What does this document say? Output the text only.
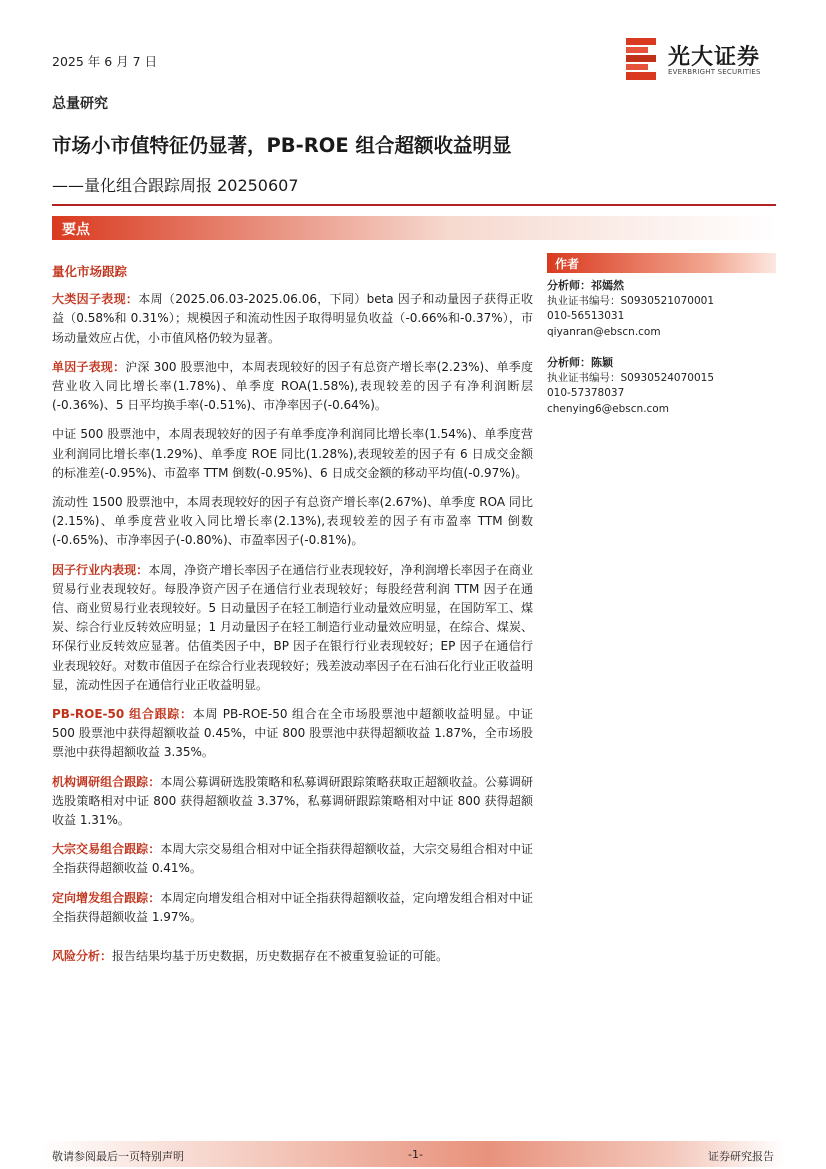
2025 年 6 月 7 日	光大证券
EVERBRIGHT SECURITIES
总量研究
市场小市值特征仍显著，PB-ROE 组合超额收益明显
——量化组合跟踪周报 20250607
要点
量化市场跟踪

大类因子表现：本周（2025.06.03-2025.06.06，下同）beta 因子和动量因子获得正收益（0.58%和 0.31%）；规模因子和流动性因子取得明显负收益（-0.66%和-0.37%），市场动量效应占优，小市值风格仍较为显著。

单因子表现：沪深 300 股票池中，本周表现较好的因子有总资产增长率(2.23%)、单季度营业收入同比增长率(1.78%)、单季度 ROA(1.58%),表现较差的因子有净利润断层(-0.36%)、5 日平均换手率(-0.51%)、市净率因子(-0.64%)。

中证 500 股票池中，本周表现较好的因子有单季度净利润同比增长率(1.54%)、单季度营业利润同比增长率(1.29%)、单季度 ROE 同比(1.28%),表现较差的因子有 6 日成交金额的标准差(-0.95%)、市盈率 TTM 倒数(-0.95%)、6 日成交金额的移动平均值(-0.97%)。

流动性 1500 股票池中，本周表现较好的因子有总资产增长率(2.67%)、单季度 ROA 同比(2.15%)、单季度营业收入同比增长率(2.13%),表现较差的因子有市盈率 TTM 倒数(-0.65%)、市净率因子(-0.80%)、市盈率因子(-0.81%)。

因子行业内表现：本周，净资产增长率因子在通信行业表现较好，净利润增长率因子在商业贸易行业表现较好。每股净资产因子在通信行业表现较好；每股经营利润 TTM 因子在通信、商业贸易行业表现较好。5 日动量因子在轻工制造行业动量效应明显，在国防军工、煤炭、综合行业反转效应明显；1 月动量因子在轻工制造行业动量效应明显，在综合、煤炭、环保行业反转效应显著。估值类因子中，BP 因子在银行行业表现较好；EP 因子在通信行业表现较好。对数市值因子在综合行业表现较好；残差波动率因子在石油石化行业正收益明显，流动性因子在通信行业正收益明显。

PB-ROE-50 组合跟踪：本周 PB-ROE-50 组合在全市场股票池中超额收益明显。中证 500 股票池中获得超额收益 0.45%，中证 800 股票池中获得超额收益 1.87%，全市场股票池中获得超额收益 3.35%。

机构调研组合跟踪：本周公募调研选股策略和私募调研跟踪策略获取正超额收益。公募调研选股策略相对中证 800 获得超额收益 3.37%，私募调研跟踪策略相对中证 800 获得超额收益 1.31%。

大宗交易组合跟踪：本周大宗交易组合相对中证全指获得超额收益，大宗交易组合相对中证全指获得超额收益 0.41%。

定向增发组合跟踪：本周定向增发组合相对中证全指获得超额收益，定向增发组合相对中证全指获得超额收益 1.97%。

风险分析：报告结果均基于历史数据，历史数据存在不被重复验证的可能。

作者
分析师：祁嫣然
执业证书编号：S0930521070001
010-56513031
qiyanran@ebscn.com
分析师：陈颖
执业证书编号：S0930524070015
010-57378037
chenying6@ebscn.com
敬请参阅最后一页特别声明	-1-	证券研究报告
